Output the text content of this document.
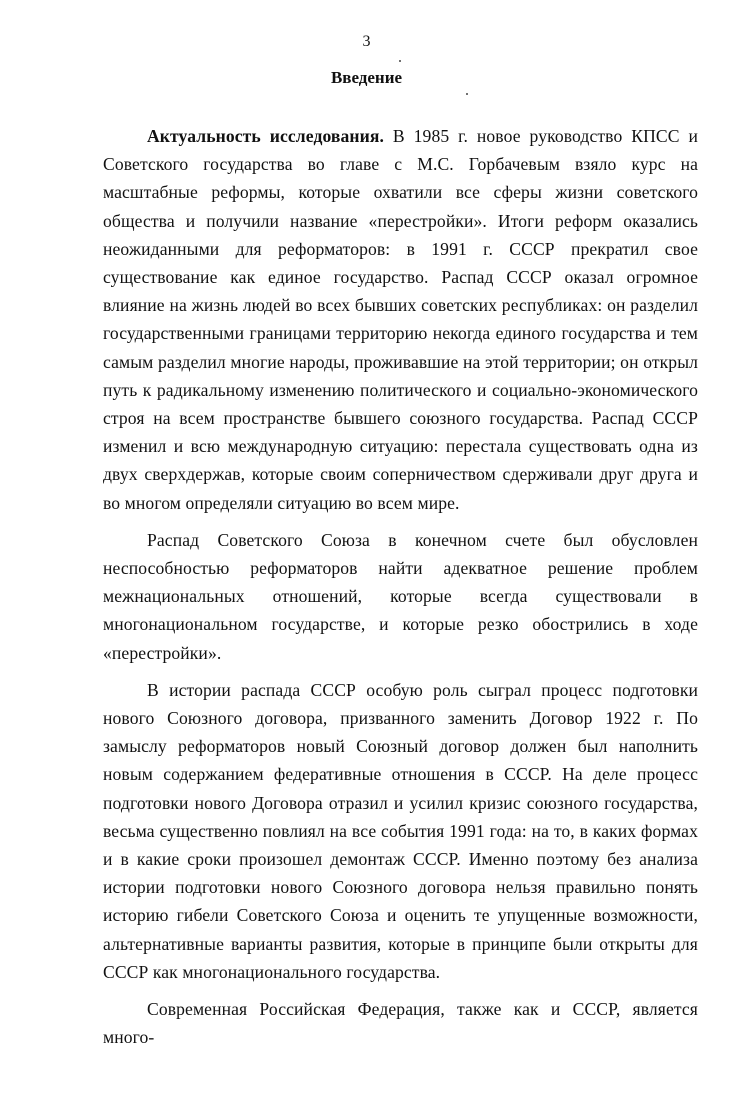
3
Введение

Актуальность исследования. В 1985 г. новое руководство КПСС и Советского государства во главе с М.С. Горбачевым взяло курс на масштабные реформы, которые охватили все сферы жизни советского общества и получили название «перестройки». Итоги реформ оказались неожиданными для реформаторов: в 1991 г. СССР прекратил свое существование как единое государство. Распад СССР оказал огромное влияние на жизнь людей во всех бывших советских республиках: он разделил государственными границами территорию некогда единого государства и тем самым разделил многие народы, проживавшие на этой территории; он открыл путь к радикальному изменению политического и социально-экономического строя на всем пространстве бывшего союзного государства. Распад СССР изменил и всю международную ситуацию: перестала существовать одна из двух сверхдержав, которые своим соперничеством сдерживали друг друга и во многом определяли ситуацию во всем мире.

Распад Советского Союза в конечном счете был обусловлен неспособностью реформаторов найти адекватное решение проблем межнациональных отношений, которые всегда существовали в многонациональном государстве, и которые резко обострились в ходе «перестройки».

В истории распада СССР особую роль сыграл процесс подготовки нового Союзного договора, призванного заменить Договор 1922 г. По замыслу реформаторов новый Союзный договор должен был наполнить новым содержанием федеративные отношения в СССР. На деле процесс подготовки нового Договора отразил и усилил кризис союзного государства, весьма существенно повлиял на все события 1991 года: на то, в каких формах и в какие сроки произошел демонтаж СССР. Именно поэтому без анализа истории подготовки нового Союзного договора нельзя правильно понять историю гибели Советского Союза и оценить те упущенные возможности, альтернативные варианты развития, которые в принципе были открыты для СССР как многонационального государства.

Современная Российская Федерация, также как и СССР, является много-
